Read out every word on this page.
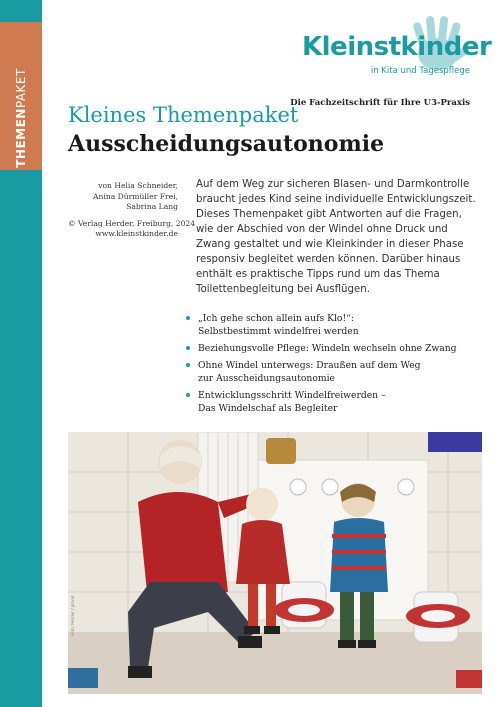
THEMENPAKET
Kleinstkinder
in Kita und Tagespflege
Die Fachzeitschrift für Ihre U3-Praxis
Kleines Themenpaket
Ausscheidungsautonomie
von Helia Schneider,
Anina Dürmüller Frei,
Sabrina Lang
© Verlag Herder, Freiburg, 2024
www.kleinstkinder.de
Auf dem Weg zur sicheren Blasen- und Darmkontrolle braucht jedes Kind seine individuelle Entwicklungszeit. Dieses Themenpaket gibt Antworten auf die Fragen, wie der Abschied von der Windel ohne Druck und Zwang gestaltet und wie Kleinkinder in dieser Phase responsiv begleitet werden können. Darüber hinaus enthält es praktische Tipps rund um das Thema Toilettenbegleitung bei Ausflügen.
„Ich gehe schon allein aufs Klo!“:
Selbstbestimmt windelfrei werden
Beziehungsvolle Pflege: Windeln wechseln ohne Zwang
Ohne Windel unterwegs: Draußen auf dem Weg
zur Ausscheidungsautonomie
Entwicklungsschritt Windelfreiwerden –
Das Windelschaf als Begleiter
Foto: Herder / privat
